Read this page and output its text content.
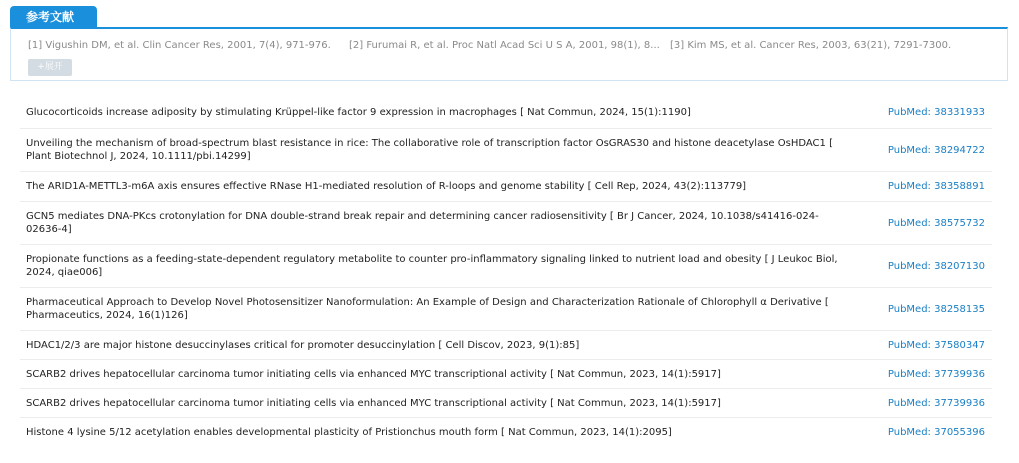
参考文献
[1] Vigushin DM, et al. Clin Cancer Res, 2001, 7(4), 971-976. [2] Furumai R, et al. Proc Natl Acad Sci U S A, 2001, 98(1), 8... [3] Kim MS, et al. Cancer Res, 2003, 63(21), 7291-7300.
+展开
Glucocorticoids increase adiposity by stimulating Krüppel-like factor 9 expression in macrophages [ Nat Commun, 2024, 15(1):1190]	PubMed: 38331933
Unveiling the mechanism of broad-spectrum blast resistance in rice: The collaborative role of transcription factor OsGRAS30 and histone deacetylase OsHDAC1 [ Plant Biotechnol J, 2024, 10.1111/pbi.14299]
PubMed: 38294722
The ARID1A-METTL3-m6A axis ensures effective RNase H1-mediated resolution of R-loops and genome stability [ Cell Rep, 2024, 43(2):113779]	PubMed: 38358891
GCN5 mediates DNA-PKcs crotonylation for DNA double-strand break repair and determining cancer radiosensitivity [ Br J Cancer, 2024, 10.1038/s41416-024-02636-4]
PubMed: 38575732
Propionate functions as a feeding-state-dependent regulatory metabolite to counter pro-inflammatory signaling linked to nutrient load and obesity [ J Leukoc Biol, 2024, qiae006]
PubMed: 38207130
Pharmaceutical Approach to Develop Novel Photosensitizer Nanoformulation: An Example of Design and Characterization Rationale of Chlorophyll α Derivative [ Pharmaceutics, 2024, 16(1)126]
PubMed: 38258135
HDAC1/2/3 are major histone desuccinylases critical for promoter desuccinylation [ Cell Discov, 2023, 9(1):85]	PubMed: 37580347
SCARB2 drives hepatocellular carcinoma tumor initiating cells via enhanced MYC transcriptional activity [ Nat Commun, 2023, 14(1):5917]	PubMed: 37739936
SCARB2 drives hepatocellular carcinoma tumor initiating cells via enhanced MYC transcriptional activity [ Nat Commun, 2023, 14(1):5917]	PubMed: 37739936
Histone 4 lysine 5/12 acetylation enables developmental plasticity of Pristionchus mouth form [ Nat Commun, 2023, 14(1):2095]	PubMed: 37055396
